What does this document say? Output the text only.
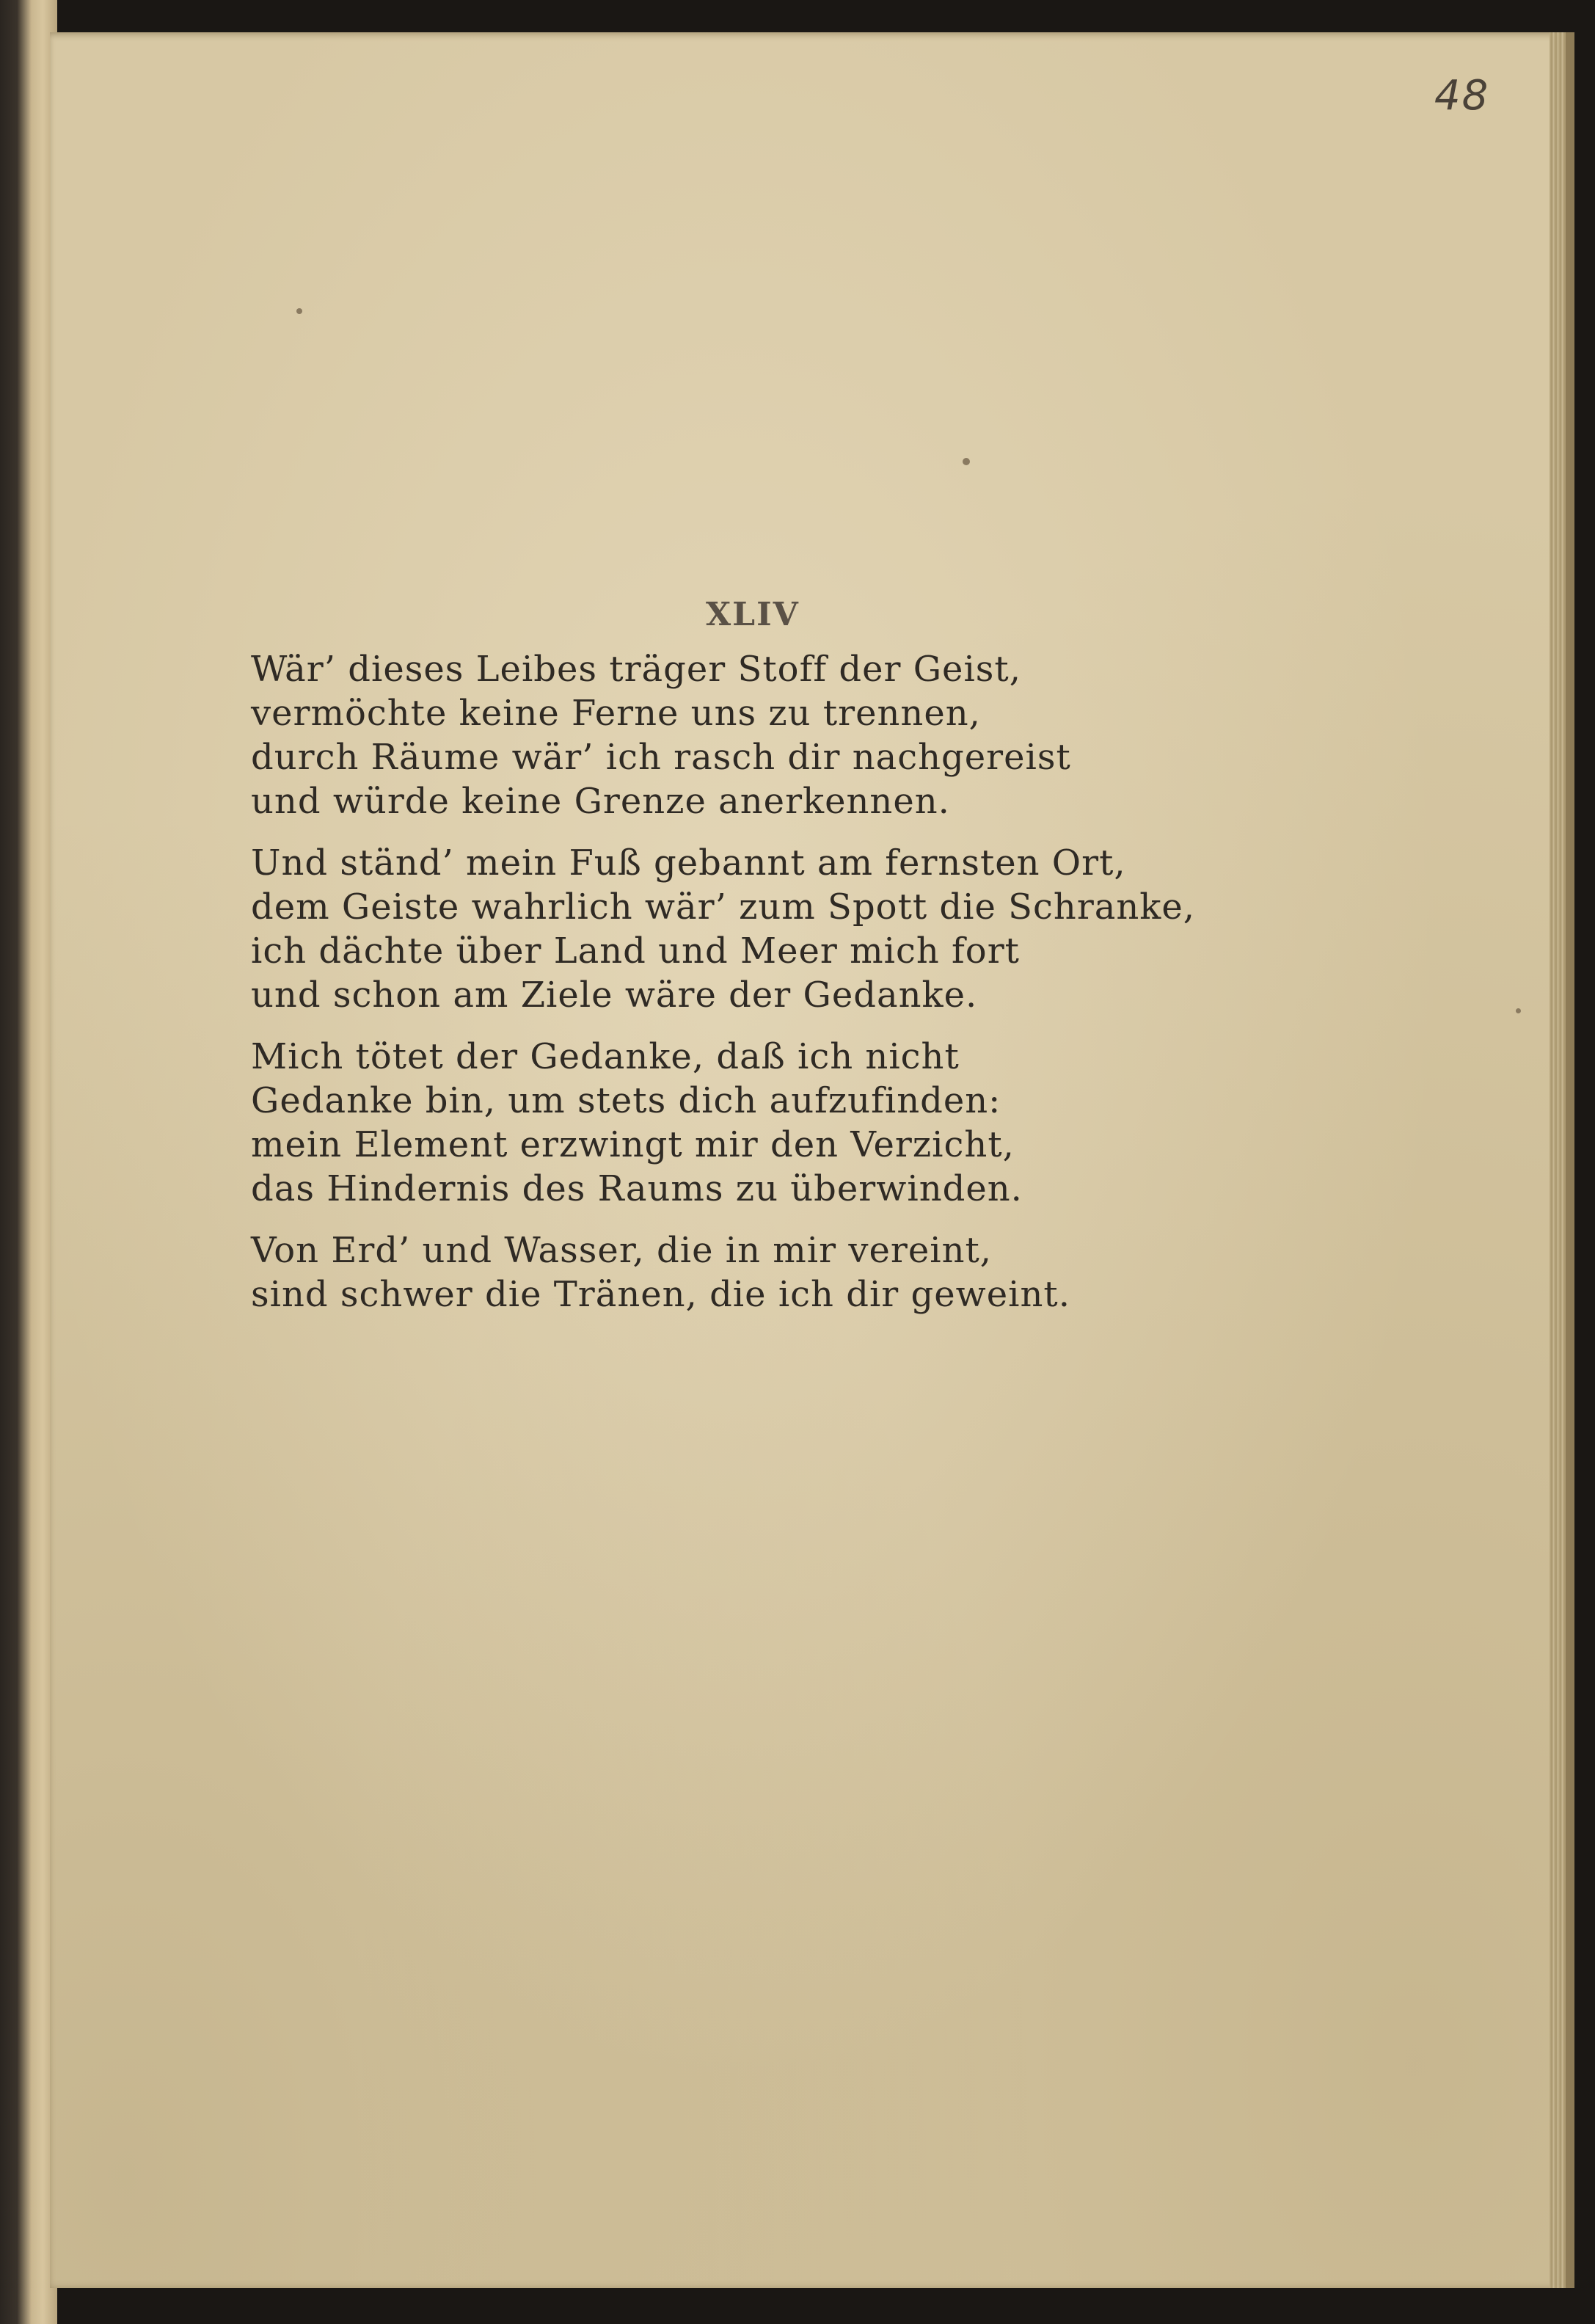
48
XLIV
Wär’ dieses Leibes träger Stoff der Geist,
vermöchte keine Ferne uns zu trennen,
durch Räume wär’ ich rasch dir nachgereist
und würde keine Grenze anerkennen.
Und ständ’ mein Fuß gebannt am fernsten Ort,
dem Geiste wahrlich wär’ zum Spott die Schranke,
ich dächte über Land und Meer mich fort
und schon am Ziele wäre der Gedanke.
Mich tötet der Gedanke, daß ich nicht
Gedanke bin, um stets dich aufzufinden:
mein Element erzwingt mir den Verzicht,
das Hindernis des Raums zu überwinden.
Von Erd’ und Wasser, die in mir vereint,
sind schwer die Tränen, die ich dir geweint.
